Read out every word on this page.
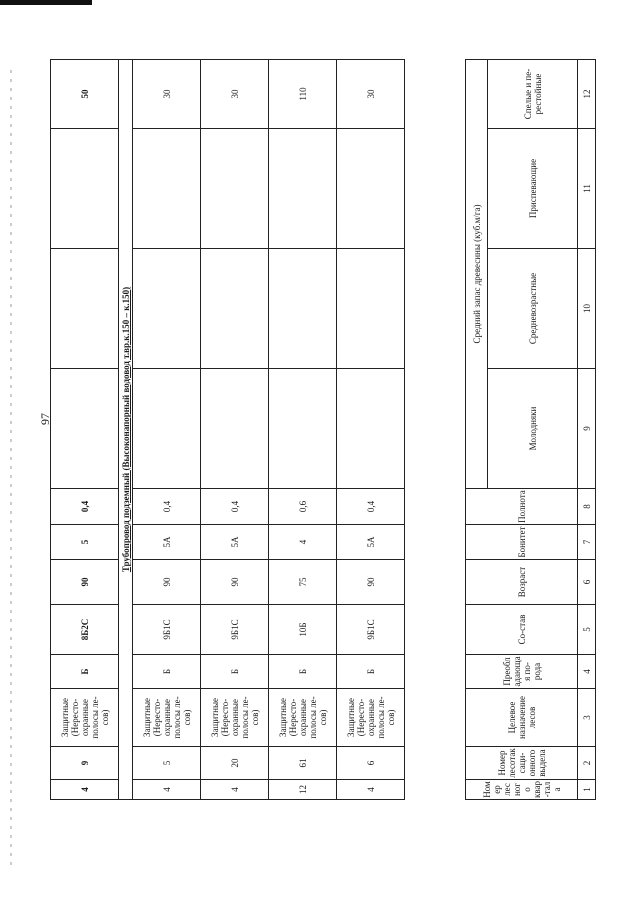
97
4	9	Защитные (Нересто-охранные полосы ле-сов)	Б	8Б2С	90	5	0,4				50
Трубопровод подземный (Высоконапорный водовод т.вр.к.150 – к.150)											
4	5	Защитные (Нересто-охранные полосы ле-сов)	Б	9Б1С	90	5А	0,4				30
4	20	Защитные (Нересто-охранные полосы ле-сов)	Б	9Б1С	90	5А	0,4				30
12	61	Защитные (Нересто-охранные полосы ле-сов)	Б	10Б	75	4	0,6				110
4	6	Защитные (Нересто-охранные полосы ле-сов)	Б	9Б1С	90	5А	0,4				30
Номер лесного квар-тала	Номер лесотаксаци-онного выдела	Целевое назначение лесов	Преобладающая по-рода	Со-став	Возраст	Бонитет	Полнота	Средний запас древесины (куб.м/га)			
								Молодняки	Средневозрастные	Приспевающие	Спелые и пе-рестойные
1	2	3	4	5	6	7	8	9	10	11	12
